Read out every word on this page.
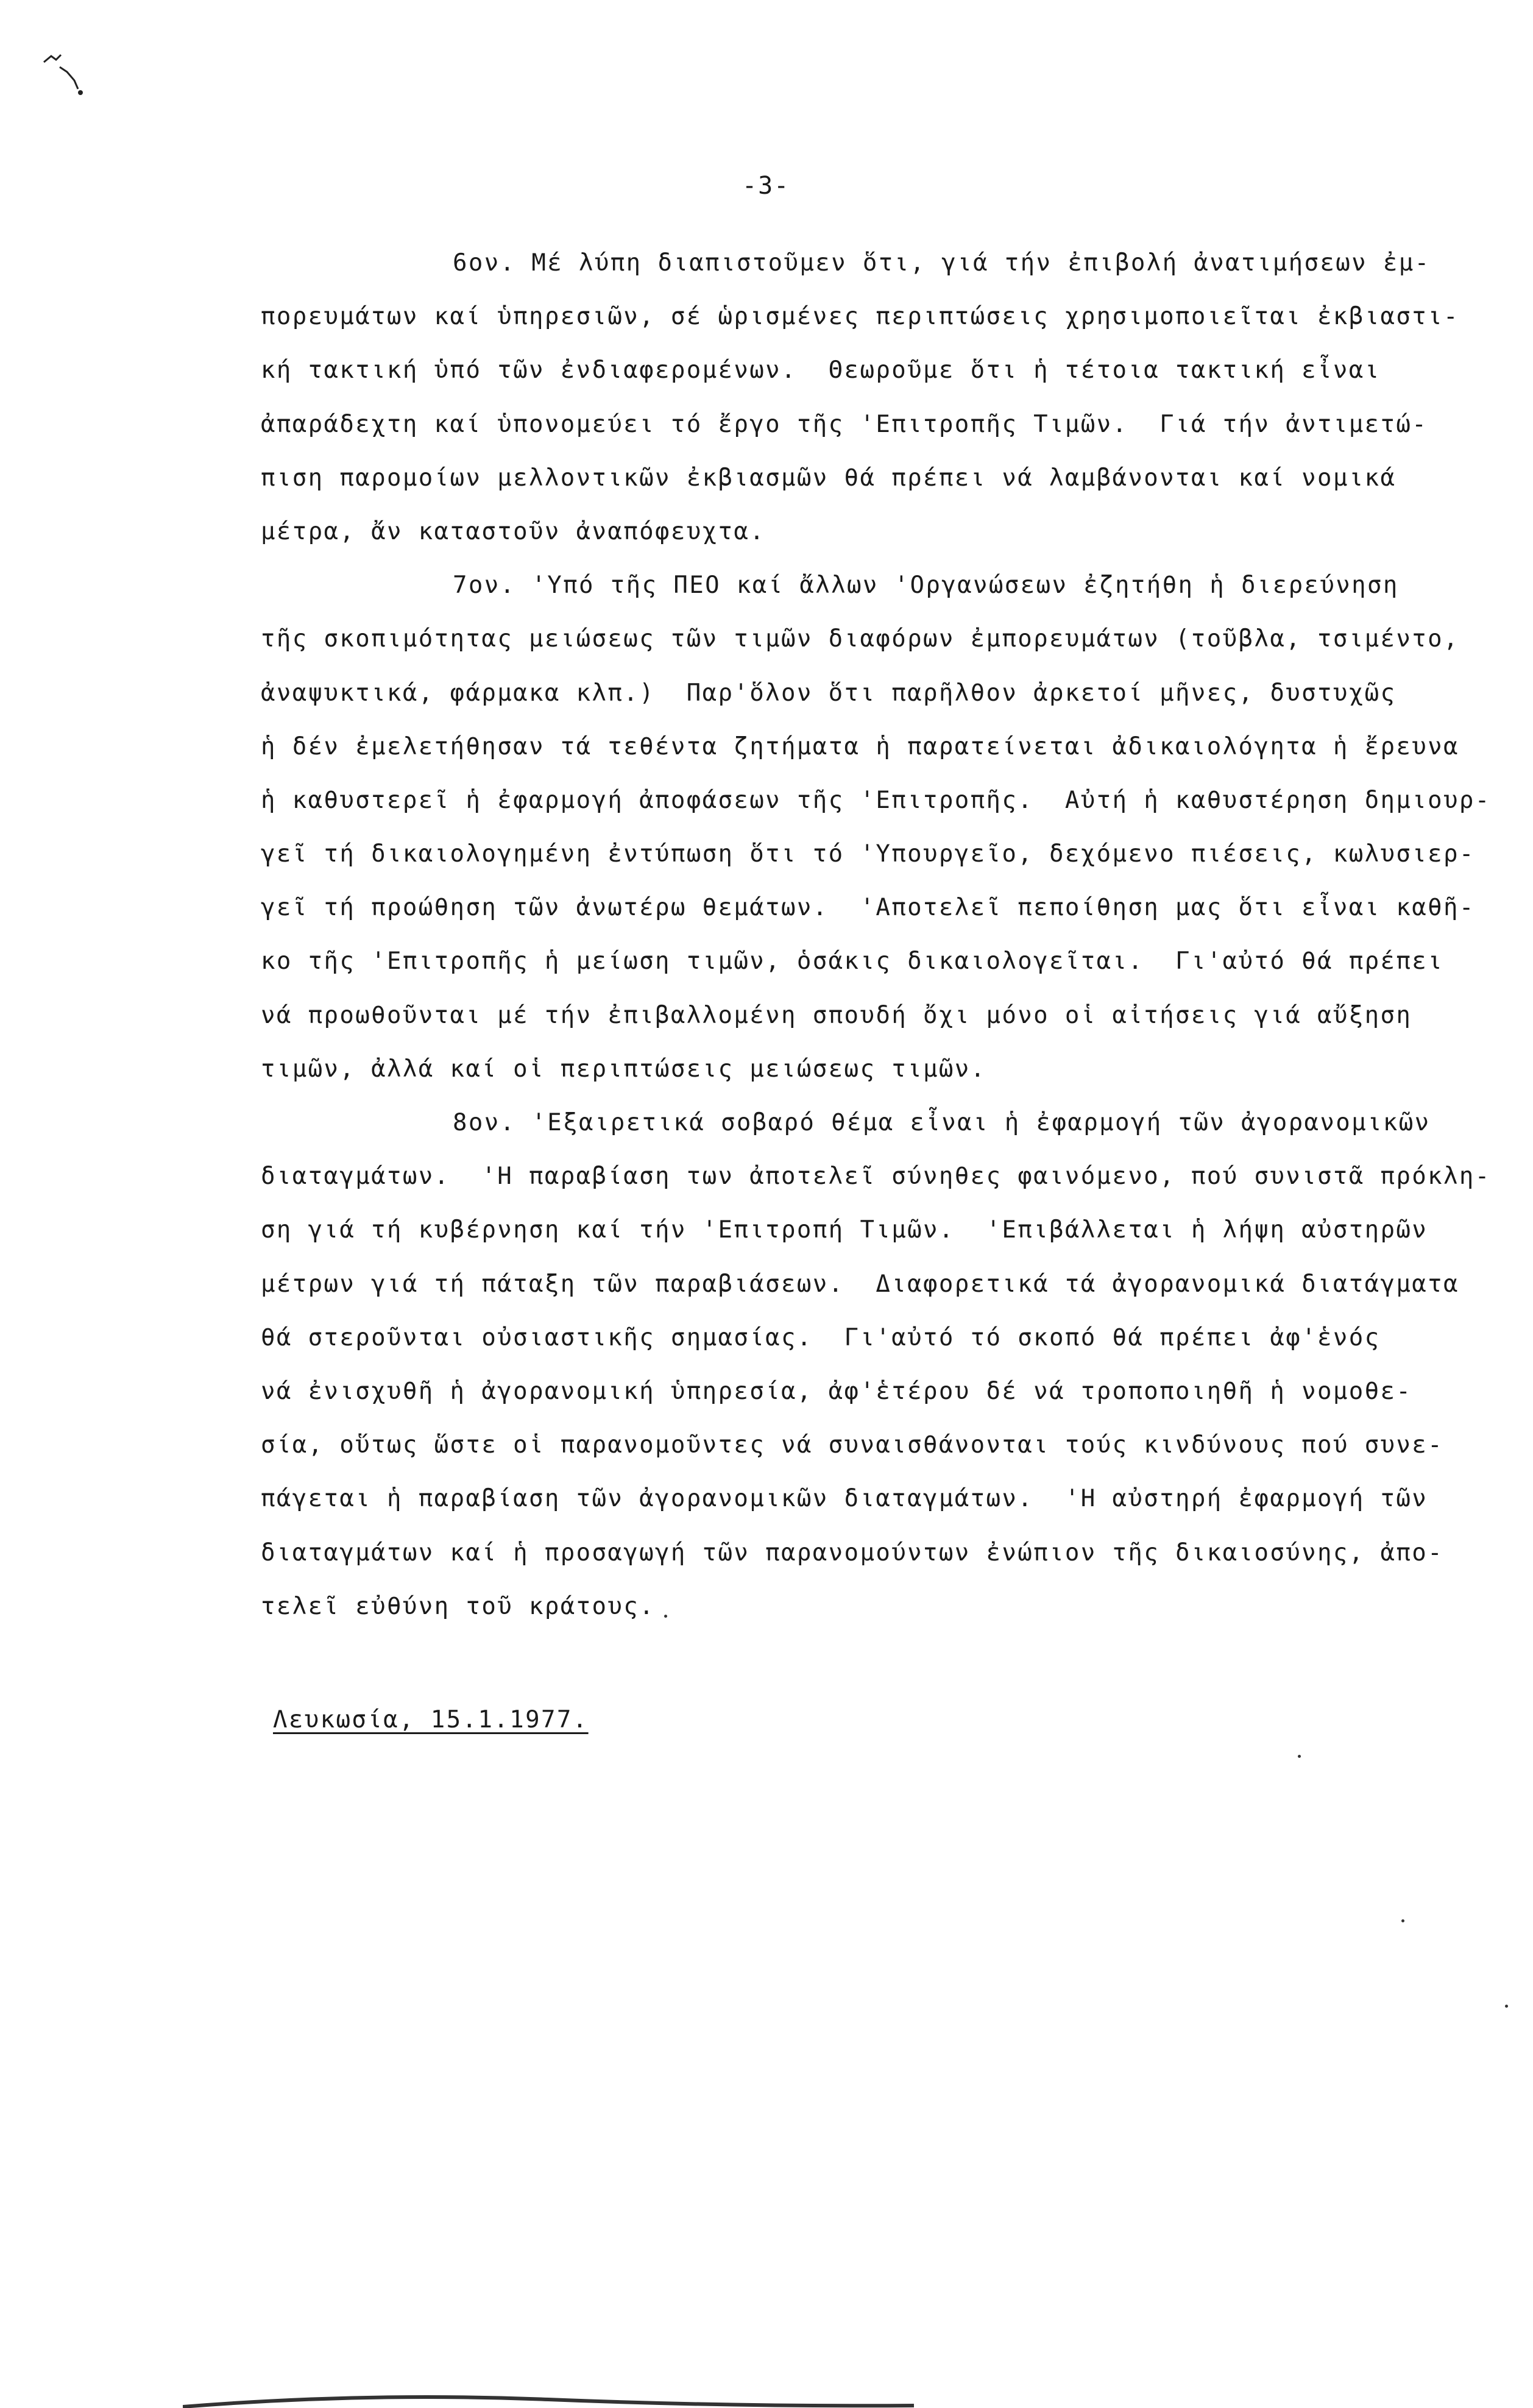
-3-
6ον. Μέ λύπη διαπιστοῦμεν ὅτι, γιά τήν ἐπιβολή ἀνατιμήσεων ἐμ-
πορευμάτων καί ὑπηρεσιῶν, σέ ὡρισμένες περιπτώσεις χρησιμοποιεῖται ἐκβιαστι-
κή τακτική ὑπό τῶν ἐνδιαφερομένων.  Θεωροῦμε ὅτι ἡ τέτοια τακτική εἶναι
ἀπαράδεχτη καί ὑπονομεύει τό ἔργο τῆς 'Επιτροπῆς Τιμῶν.  Γιά τήν ἀντιμετώ-
πιση παρομοίων μελλοντικῶν ἐκβιασμῶν θά πρέπει νά λαμβάνονται καί νομικά
μέτρα, ἄν καταστοῦν ἀναπόφευχτα.
7ον. 'Υπό τῆς ΠΕΟ καί ἄλλων 'Οργανώσεων ἐζητήθη ἡ διερεύνηση
τῆς σκοπιμότητας μειώσεως τῶν τιμῶν διαφόρων ἐμπορευμάτων (τοῦβλα, τσιμέντο,
ἀναψυκτικά, φάρμακα κλπ.)  Παρ'ὅλον ὅτι παρῆλθον ἀρκετοί μῆνες, δυστυχῶς
ἡ δέν ἐμελετήθησαν τά τεθέντα ζητήματα ἡ παρατείνεται ἀδικαιολόγητα ἡ ἔρευνα
ἡ καθυστερεῖ ἡ ἐφαρμογή ἀποφάσεων τῆς 'Επιτροπῆς.  Αὐτή ἡ καθυστέρηση δημιουρ-
γεῖ τή δικαιολογημένη ἐντύπωση ὅτι τό 'Υπουργεῖο, δεχόμενο πιέσεις, κωλυσιερ-
γεῖ τή προώθηση τῶν ἀνωτέρω θεμάτων.  'Αποτελεῖ πεποίθηση μας ὅτι εἶναι καθῆ-
κο τῆς 'Επιτροπῆς ἡ μείωση τιμῶν, ὁσάκις δικαιολογεῖται.  Γι'αὐτό θά πρέπει
νά προωθοῦνται μέ τήν ἐπιβαλλομένη σπουδή ὄχι μόνο οἱ αἰτήσεις γιά αὔξηση
τιμῶν, ἀλλά καί οἱ περιπτώσεις μειώσεως τιμῶν.
8ον. 'Εξαιρετικά σοβαρό θέμα εἶναι ἡ ἐφαρμογή τῶν ἀγορανομικῶν
διαταγμάτων.  'Η παραβίαση των ἀποτελεῖ σύνηθες φαινόμενο, πού συνιστᾶ πρόκλη-
ση γιά τή κυβέρνηση καί τήν 'Επιτροπή Τιμῶν.  'Επιβάλλεται ἡ λήψη αὐστηρῶν
μέτρων γιά τή πάταξη τῶν παραβιάσεων.  Διαφορετικά τά ἀγορανομικά διατάγματα
θά στεροῦνται οὐσιαστικῆς σημασίας.  Γι'αὐτό τό σκοπό θά πρέπει ἀφ'ἑνός
νά ἐνισχυθῆ ἡ ἀγορανομική ὑπηρεσία, ἀφ'ἑτέρου δέ νά τροποποιηθῆ ἡ νομοθε-
σία, οὕτως ὥστε οἱ παρανομοῦντες νά συναισθάνονται τούς κινδύνους πού συνε-
πάγεται ἡ παραβίαση τῶν ἀγορανομικῶν διαταγμάτων.  'Η αὐστηρή ἐφαρμογή τῶν
διαταγμάτων καί ἡ προσαγωγή τῶν παρανομούντων ἐνώπιον τῆς δικαιοσύνης, ἀπο-
τελεῖ εὐθύνη τοῦ κράτους.
Λευκωσία, 15.1.1977.
